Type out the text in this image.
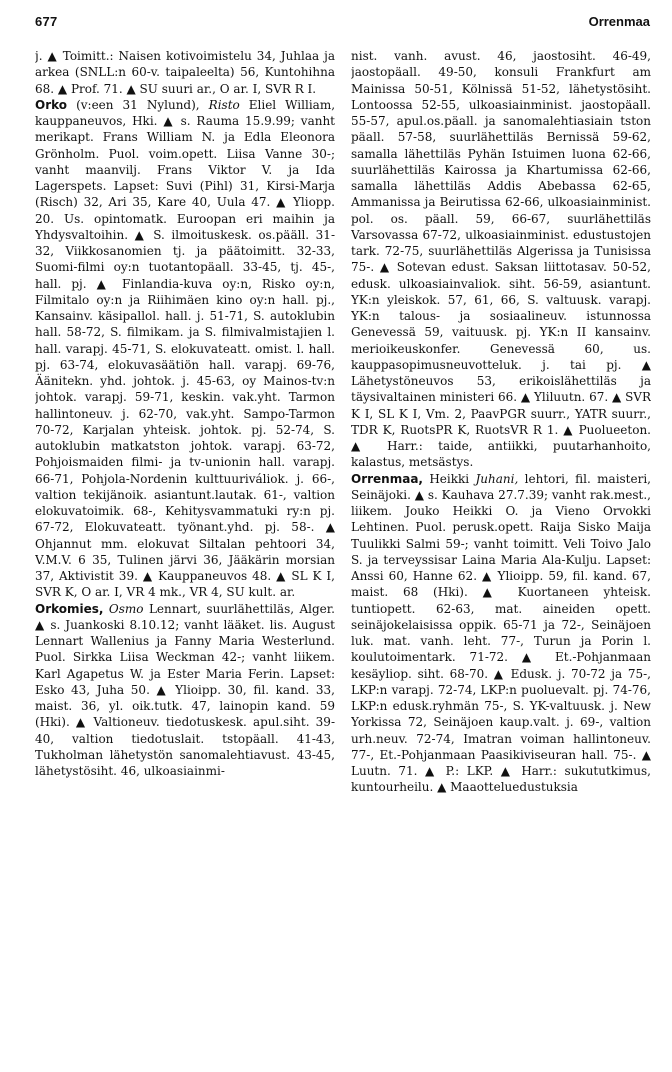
677	Orrenmaa

j. ▲ Toimitt.: Naisen kotivoimistelu 34, Juhlaa ja arkea (SNLL:n 60-v. taipaleelta) 56, Kuntohihna 68. ▲ Prof. 71. ▲ SU suuri ar., O ar. I, SVR R I.

Orko (v:een 31 Nylund), Risto Eliel William, kauppaneuvos, Hki. ▲ s. Rauma 15.9.99; vanht merikapt. Frans William N. ja Edla Eleonora Grönholm. Puol. voim.opett. Liisa Vanne 30-; vanht maanvilj. Frans Viktor V. ja Ida Lagerspets. Lapset: Suvi (Pihl) 31, Kirsi-Marja (Risch) 32, Ari 35, Kare 40, Uula 47. ▲ Yliopp. 20. Us. opintomatk. Euroopan eri maihin ja Yhdysvaltoihin. ▲ S. ilmoituskesk. os.pääll. 31-32, Viikkosanomien tj. ja päätoimitt. 32-33, Suomi-filmi oy:n tuotantopäall. 33-45, tj. 45-, hall. pj. ▲ Finlandia-kuva oy:n, Risko oy:n, Filmitalo oy:n ja Riihimäen kino oy:n hall. pj., Kansainv. käsipallol. hall. j. 51-71, S. autoklubin hall. 58-72, S. filmikam. ja S. filmivalmistajien l. hall. varapj. 45-71, S. elokuvateatt. omist. l. hall. pj. 63-74, elokuvasäätiön hall. varapj. 69-76, Äänitekn. yhd. johtok. j. 45-63, oy Mainos-tv:n johtok. varapj. 59-71, keskin. vak.yht. Tarmon hallintoneuv. j. 62-70, vak.yht. Sampo-Tarmon 70-72, Karjalan yhteisk. johtok. pj. 52-74, S. autoklubin matkatston johtok. varapj. 63-72, Pohjoismaiden filmi- ja tv-unionin hall. varapj. 66-71, Pohjola-Nordenin kulttuuriváliok. j. 66-, valtion tekijänoik. asiantunt.lautak. 61-, valtion elokuvatoimik. 68-, Kehitysvammatuki ry:n pj. 67-72, Elokuvateatt. työnant.yhd. pj. 58-. ▲ Ohjannut mm. elokuvat Siltalan pehtoori 34, V.M.V. 6 35, Tulinen järvi 36, Jääkärin morsian 37, Aktivistit 39. ▲ Kauppaneuvos 48. ▲ SL K I, SVR K, O ar. I, VR 4 mk., VR 4, SU kult. ar.

Orkomies, Osmo Lennart, suurlähettiläs, Alger. ▲ s. Juankoski 8.10.12; vanht lääket. lis. August Lennart Wallenius ja Fanny Maria Westerlund. Puol. Sirkka Liisa Weckman 42-; vanht liikem. Karl Agapetus W. ja Ester Maria Ferin. Lapset: Esko 43, Juha 50. ▲ Ylioipp. 30, fil. kand. 33, maist. 36, yl. oik.tutk. 47, lainopin kand. 59 (Hki). ▲ Valtioneuv. tiedotuskesk. apul.siht. 39-40, valtion tiedotuslait. tstopäall. 41-43, Tukholman lähetystön sanomalehtiavust. 43-45, lähetystösiht. 46, ulkoasiainmi-

nist. vanh. avust. 46, jaostosiht. 46-49, jaostopäall. 49-50, konsuli Frankfurt am Mainissa 50-51, Kölnissä 51-52, lähetystösiht. Lontoossa 52-55, ulkoasiainminist. jaostopäall. 55-57, apul.os.päall. ja sanomalehtiasiain tston päall. 57-58, suurlähettiläs Bernissä 59-62, samalla lähettiläs Pyhän Istuimen luona 62-66, suurlähettiläs Kairossa ja Khartumissa 62-66, samalla lähettiläs Addis Abebassa 62-65, Ammanissa ja Beirutissa 62-66, ulkoasiainminist. pol. os. päall. 59, 66-67, suurlähettiläs Varsovassa 67-72, ulkoasiainminist. edustustojen tark. 72-75, suurlähettiläs Algerissa ja Tunisissa 75-. ▲ Sotevan edust. Saksan liittotasav. 50-52, edusk. ulkoasiainvaliok. siht. 56-59, asiantunt. YK:n yleiskok. 57, 61, 66, S. valtuusk. varapj. YK:n talous- ja sosiaalineuv. istunnossa Genevessä 59, vaituusk. pj. YK:n II kansainv. merioikeuskonfer. Genevessä 60, us. kauppasopimusneuvotteluk. j. tai pj. ▲ Lähetystöneuvos 53, erikoislähettiläs ja täysivaltainen ministeri 66. ▲ Yliluutn. 67. ▲ SVR K I, SL K I, Vm. 2, PaavPGR suurr., YATR suurr., TDR K, RuotsPR K, RuotsVR R 1. ▲ Puolueeton. ▲ Harr.: taide, antiikki, puutarhanhoito, kalastus, metsästys.

Orrenmaa, Heikki Juhani, lehtori, fil. maisteri, Seinäjoki. ▲ s. Kauhava 27.7.39; vanht rak.mest., liikem. Jouko Heikki O. ja Vieno Orvokki Lehtinen. Puol. perusk.opett. Raija Sisko Maija Tuulikki Salmi 59-; vanht toimitt. Veli Toivo Jalo S. ja terveyssisar Laina Maria Ala-Kulju. Lapset: Anssi 60, Hanne 62. ▲ Ylioipp. 59, fil. kand. 67, maist. 68 (Hki). ▲ Kuortaneen yhteisk. tuntiopett. 62-63, mat. aineiden opett. seinäjokelaisissa oppik. 65-71 ja 72-, Seinäjoen luk. mat. vanh. leht. 77-, Turun ja Porin l. koulutoimentark. 71-72. ▲ Et.-Pohjanmaan kesäyliop. siht. 68-70. ▲ Edusk. j. 70-72 ja 75-, LKP:n varapj. 72-74, LKP:n puoluevalt. pj. 74-76, LKP:n edusk.ryhmän 75-, S. YK-valtuusk. j. New Yorkissa 72, Seinäjoen kaup.valt. j. 69-, valtion urh.neuv. 72-74, Imatran voiman hallintoneuv. 77-, Et.-Pohjanmaan Paasikiviseuran hall. 75-. ▲ Luutn. 71. ▲ P.: LKP. ▲ Harr.: sukututkimus, kuntourheilu. ▲ Maaotteluedustuksia
